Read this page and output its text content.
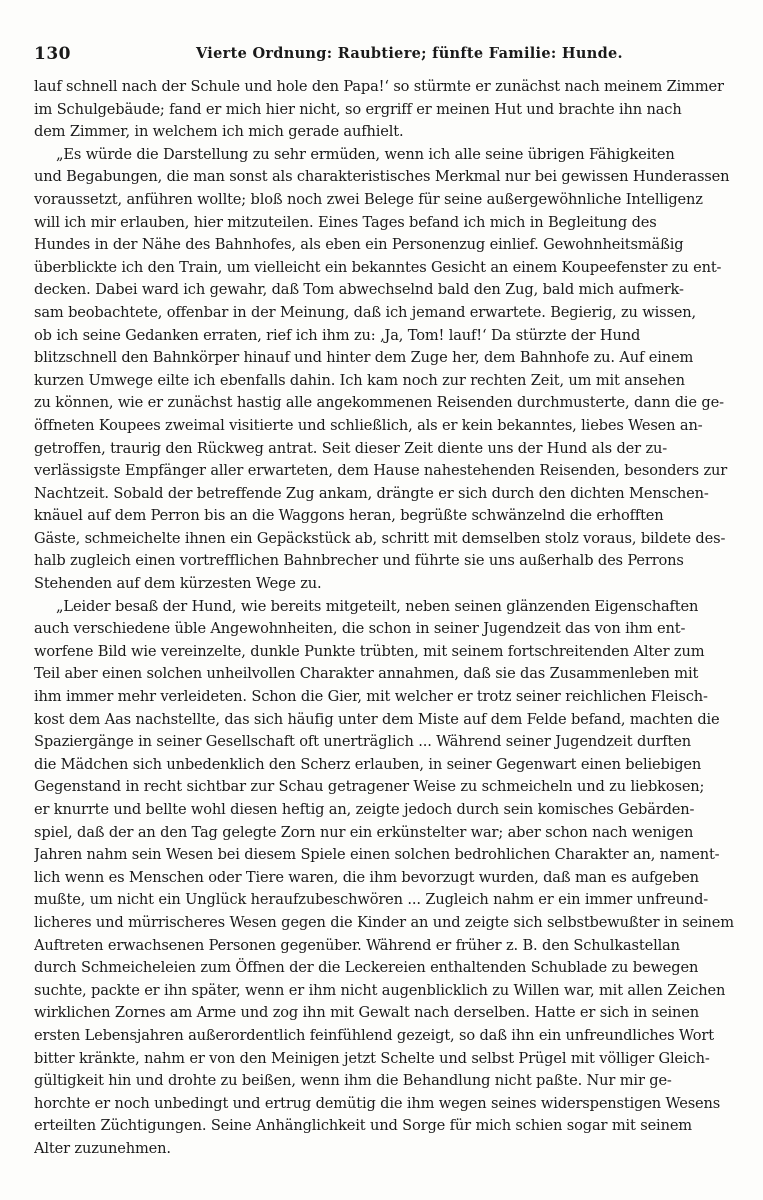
130	Vierte Ordnung: Raubtiere; fünfte Familie: Hunde.
lauf schnell nach der Schule und hole den Papa!‘ so stürmte er zunächst nach meinem Zimmer
im Schulgebäude; fand er mich hier nicht, so ergriff er meinen Hut und brachte ihn nach
dem Zimmer, in welchem ich mich gerade aufhielt.
„Es würde die Darstellung zu sehr ermüden, wenn ich alle seine übrigen Fähigkeiten
und Begabungen, die man sonst als charakteristisches Merkmal nur bei gewissen Hunderassen
voraussetzt, anführen wollte; bloß noch zwei Belege für seine außergewöhnliche Intelligenz
will ich mir erlauben, hier mitzuteilen. Eines Tages befand ich mich in Begleitung des
Hundes in der Nähe des Bahnhofes, als eben ein Personenzug einlief. Gewohnheitsmäßig
überblickte ich den Train, um vielleicht ein bekanntes Gesicht an einem Koupeefenster zu ent-
decken. Dabei ward ich gewahr, daß Tom abwechselnd bald den Zug, bald mich aufmerk-
sam beobachtete, offenbar in der Meinung, daß ich jemand erwartete. Begierig, zu wissen,
ob ich seine Gedanken erraten, rief ich ihm zu: ‚Ja, Tom! lauf!‘ Da stürzte der Hund
blitzschnell den Bahnkörper hinauf und hinter dem Zuge her, dem Bahnhofe zu. Auf einem
kurzen Umwege eilte ich ebenfalls dahin. Ich kam noch zur rechten Zeit, um mit ansehen
zu können, wie er zunächst hastig alle angekommenen Reisenden durchmusterte, dann die ge-
öffneten Koupees zweimal visitierte und schließlich, als er kein bekanntes, liebes Wesen an-
getroffen, traurig den Rückweg antrat. Seit dieser Zeit diente uns der Hund als der zu-
verlässigste Empfänger aller erwarteten, dem Hause nahestehenden Reisenden, besonders zur
Nachtzeit. Sobald der betreffende Zug ankam, drängte er sich durch den dichten Menschen-
knäuel auf dem Perron bis an die Waggons heran, begrüßte schwänzelnd die erhofften
Gäste, schmeichelte ihnen ein Gepäckstück ab, schritt mit demselben stolz voraus, bildete des-
halb zugleich einen vortrefflichen Bahnbrecher und führte sie uns außerhalb des Perrons
Stehenden auf dem kürzesten Wege zu.
„Leider besaß der Hund, wie bereits mitgeteilt, neben seinen glänzenden Eigenschaften
auch verschiedene üble Angewohnheiten, die schon in seiner Jugendzeit das von ihm ent-
worfene Bild wie vereinzelte, dunkle Punkte trübten, mit seinem fortschreitenden Alter zum
Teil aber einen solchen unheilvollen Charakter annahmen, daß sie das Zusammenleben mit
ihm immer mehr verleideten. Schon die Gier, mit welcher er trotz seiner reichlichen Fleisch-
kost dem Aas nachstellte, das sich häufig unter dem Miste auf dem Felde befand, machten die
Spaziergänge in seiner Gesellschaft oft unerträglich ... Während seiner Jugendzeit durften
die Mädchen sich unbedenklich den Scherz erlauben, in seiner Gegenwart einen beliebigen
Gegenstand in recht sichtbar zur Schau getragener Weise zu schmeicheln und zu liebkosen;
er knurrte und bellte wohl diesen heftig an, zeigte jedoch durch sein komisches Gebärden-
spiel, daß der an den Tag gelegte Zorn nur ein erkünstelter war; aber schon nach wenigen
Jahren nahm sein Wesen bei diesem Spiele einen solchen bedrohlichen Charakter an, nament-
lich wenn es Menschen oder Tiere waren, die ihm bevorzugt wurden, daß man es aufgeben
mußte, um nicht ein Unglück heraufzubeschwören ... Zugleich nahm er ein immer unfreund-
licheres und mürrischeres Wesen gegen die Kinder an und zeigte sich selbstbewußter in seinem
Auftreten erwachsenen Personen gegenüber. Während er früher z. B. den Schulkastellan
durch Schmeicheleien zum Öffnen der die Leckereien enthaltenden Schublade zu bewegen
suchte, packte er ihn später, wenn er ihm nicht augenblicklich zu Willen war, mit allen Zeichen
wirklichen Zornes am Arme und zog ihn mit Gewalt nach derselben. Hatte er sich in seinen
ersten Lebensjahren außerordentlich feinfühlend gezeigt, so daß ihn ein unfreundliches Wort
bitter kränkte, nahm er von den Meinigen jetzt Schelte und selbst Prügel mit völliger Gleich-
gültigkeit hin und drohte zu beißen, wenn ihm die Behandlung nicht paßte. Nur mir ge-
horchte er noch unbedingt und ertrug demütig die ihm wegen seines widerspenstigen Wesens
erteilten Züchtigungen. Seine Anhänglichkeit und Sorge für mich schien sogar mit seinem
Alter zuzunehmen.
